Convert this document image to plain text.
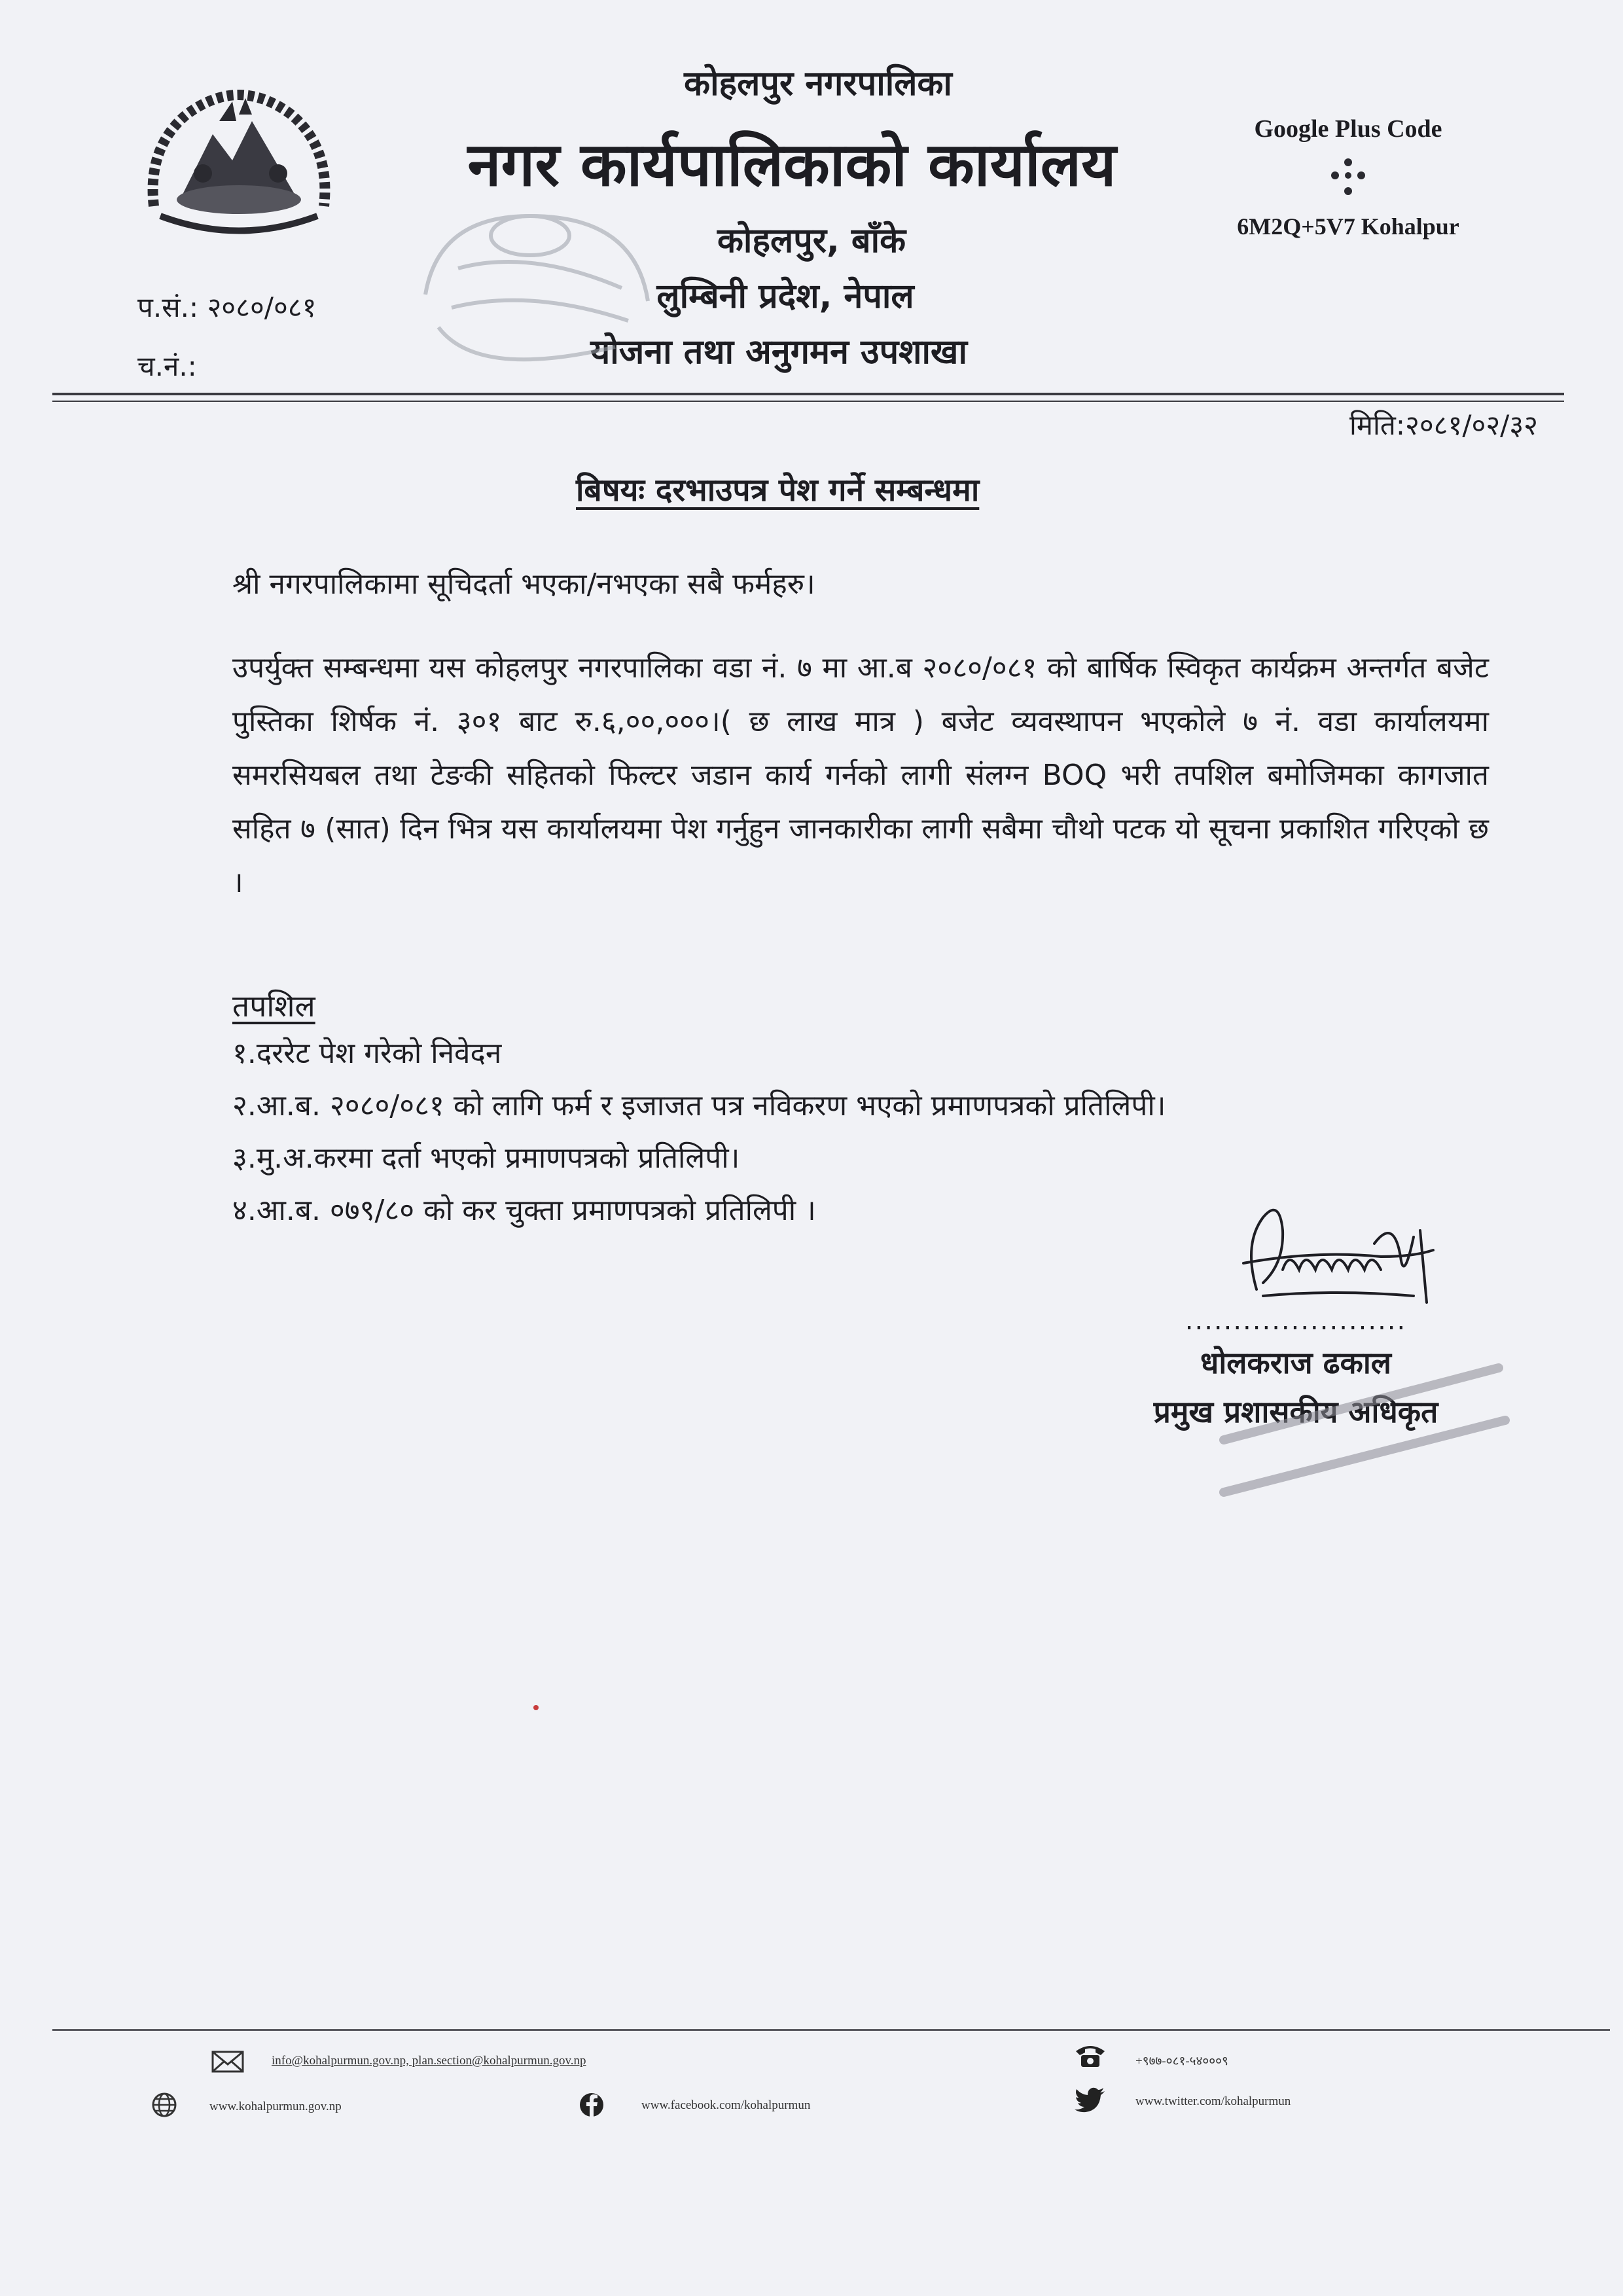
कोहलपुर नगरपालिका
नगर कार्यपालिकाको कार्यालय
कोहलपुर, बाँके
लुम्बिनी प्रदेश, नेपाल
योजना तथा अनुगमन उपशाखा
Google Plus Code
6M2Q+5V7 Kohalpur
प.सं.: २०८०/०८१
च.नं.:
मिति:२०८१/०२/३२
बिषयः दरभाउपत्र पेश गर्ने सम्बन्धमा
श्री नगरपालिकामा सूचिदर्ता भएका/नभएका सबै फर्महरु।
उपर्युक्त सम्बन्धमा यस कोहलपुर नगरपालिका वडा नं. ७ मा आ.ब २०८०/०८१ को बार्षिक स्विकृत कार्यक्रम अन्तर्गत बजेट पुस्तिका शिर्षक नं. ३०१ बाट रु.६,००,०००।( छ लाख मात्र ) बजेट व्यवस्थापन भएकोले ७ नं. वडा कार्यालयमा समरसियबल तथा टेङकी सहितको फिल्टर जडान कार्य गर्नको लागी संलग्न BOQ भरी तपशिल बमोजिमका कागजात सहित ७ (सात) दिन भित्र यस कार्यालयमा पेश गर्नुहुन जानकारीका लागी सबैमा चौथो पटक यो सूचना प्रकाशित गरिएको छ ।
तपशिल
१.दररेट पेश गरेको निवेदन
२.आ.ब. २०८०/०८१ को लागि फर्म र इजाजत पत्र नविकरण भएको प्रमाणपत्रको प्रतिलिपी।
३.मु.अ.करमा दर्ता भएको प्रमाणपत्रको प्रतिलिपी।
४.आ.ब. ०७९/८० को कर चुक्ता प्रमाणपत्रको प्रतिलिपी ।
.......................
धोलकराज ढकाल
प्रमुख प्रशासकीय अधिकृत
info@kohalpurmun.gov.np, plan.section@kohalpurmun.gov.np	+९७७-०८१-५४०००९
www.kohalpurmun.gov.np	www.facebook.com/kohalpurmun	www.twitter.com/kohalpurmun
